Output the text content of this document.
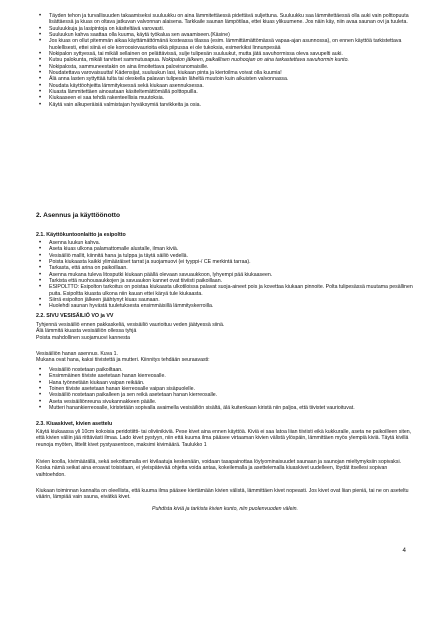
• Täyden tehon ja turvallisuuden takaamiseksi suuluukku on aina lämmitettäessä pidettävä suljettuna. Suuluukku saa lämmitettäessä olla auki vain polttopuuta lisättäessä ja kiuas on oltava jatkuvan valvonnan alaisena. Tarkkaile saunan lämpötilaa, ettei kiuas ylikuumene. Jos näin käy, niin avaa saunan ovi ja tuuleta.
• Suuluukkuja ja lasipintoja on käsiteltävä varovasti.
• Suuluukun kahva saattaa olla kuuma, käytä työkalua sen avaamiseen.(Käsine)
• Jos kiuas on ollut pitemmän aikaa käyttämättömänä kosteassa tilassa (esim. lämmittämättömässä vapaa-ajan asunnossa), on ennen käyttöä tarkistettava huolellisesti, ettei siinä ei ole korroosiovaurioita eikä piipussa ei ole tukoksia, esimerkiksi linnunpesää
• Nokipalon syttyessä, tai mikäli sellainen on pelättävissä, sulje tulipesän suuluukut, mutta jätä savuhormissa oleva savupelti auki.
• Kutsu palokunta, mikäli tarvitset sammutusapua. Nokipalon jälkeen, paikallisen nuohoojan on aina tarkastettava savuhormin kunto.
• Nokipalosta, sammuneestakin on aina ilmoitettava paloviranomaisille.
• Noudatettava varovaisuutta! Kädensijat, suuluukun lasi, kiukaan pinta ja kiertoilma voivat olla kuumia!
• Älä anna lasten syttyttää tulta tai oleskella palavan tulipesän läheltä muutoin kuin aikuisten valvonnassa.
• Noudata käyttöohjeitta lämmityksessä sekä kiukaan asennuksessa.
• Kiuasta lämmitettäen ainoastaan käsiteltemättömällä polttopuilla.
• Kiukaaseen ei saa tehdä rakenteellisia muutoksia.
• Käytä vain alkuperäisiä valmistajan hyväksymiä tarvikkeita ja osia.
2. Asennus ja käyttöönotto
2.1. Käyttökuntoonlaitto ja esipoltto
• Asenna luukun kahva.
• Aseta kiuas ulkona palamattomalle alustalle, ilman kiviä.
• Vesisäiliö mallit, kiinnitä hana ja tulppa ja täytä säiliö vedellä.
• Poista kiukaasta kaikki ylimääräiset tarrat ja suojamuovi (ei tyyppi-/ CE merkintä tarraa).
• Tarkasta, että arina on paikoillaan.
• Asenna mukana tuleva litosputki kiukaan päällä olevaan savuaukkoon, lyhyempi pää kiukaaseen.
• Tarkista että nuohousaukkojen ja savuaukon kannet ovat tiiviisti paikoillaan.
• ESIPOLTTO: Esipolton tarkoitus on poistaa kiukaasta ulkotiloissa palavat suoja-aineet pois ja kovettaa kiukaan pinnoite. Polta tulipesässä muutama pesällinen puita. Esipoltta kiuasta ulkona niin kauan ettei käryä tule kiukaasta.
• Siirrä esipolton jälkeen jäähtynyt kiuas saunaan.
• Huolehdi saunan hyvästä tuuletuksesta ensimmäisillä lämmityskerroilla.
2.2. SIVU VESISÄILIÖ VO ja VV

Tyhjennä vesisäiliö ennen pakkaskeliä, vesisäiliö vaurioituu veden jäätyessä siinä.

Älä lämmitä kiuasta vesisäiliön ollessa tyhjä

Poista mahdollinen suojamuovi kannesta

Vesisäiliön hanan asennus. Kuva 1.

Mukana ovat hana, kaksi tiivistettä ja mutteri. Kiinnitys tehdään seuraavasti:

• Vesisäiliö nostetaan paikoiltaan.
• Ensimmäinen tiiviste asetetaan hanan kierreosalle.
• Hana työnnetään kiukaan vaipan reikään.
• Toinen tiiviste asetetaan hanan kierreosalle vaipan sisäpuolelle.
• Vesisäiliö nostetaan paikalleen ja sen reikä asetetaan hanan kierreosalle.
• Aseta vesisäiliönreuna sivukannakkeen päälle.
• Mutteri hanankierreosalle, kiristetään sopivalla avaimella vesisäiliön sisältä, älä kuitenkaan kiristä niin paljoa, että tiivistet vaurioituvat.
2.3. Kiuaskivet, kivien asettelu

Käytä kiukaassa yli 10cm kokoisia peridotiitti- tai oliviinikiviä. Pese kivet aina ennen käyttöä. Kiviä ei saa latoa liian tiiviisti eikä kukkuralle, aseta ne paikoilleen siten, että kivien väliin jää riittävästi ilmaa. Lado kivet pystyyn, niin että kuuma ilma pääsee virtaaman kivien välistä ylöspäin, lämmittäen myös ylempiä kiviä. Täytä kivillä reunoja myöten, littelit kivet pystyasentoon, maksimi kivimäärä. Taulukko 1

Kivien koolla, kivimäärällä, sekä sekoittamalla eri kivilaatuja keskenään, voidaan tasapainottaa löylyominaisuudet saunaan ja saunojan mieltymyksiin sopivaksi. Koska nämä seikat aina eroavat toisistaan, ei yleispätevää ohjetta voida antaa, kokeilemalla ja asettelemalla kiuaskivet uudelleen, löydät itsellesi sopivan vaihtoehdon.

Kiukaan toiminnan kannalta on oleellista, että kuuma ilma pääsee kiertämään kivien välistä, lämmittäen kivet nopeasti. Jos kivet ovat liian pieniä, tai ne on aseteltu väärin, lämpiää vain sauna, eivätkä kivet.

Puhdista kiviä ja tarkista kivien kunto, niin puolenvuoden välein.
4
